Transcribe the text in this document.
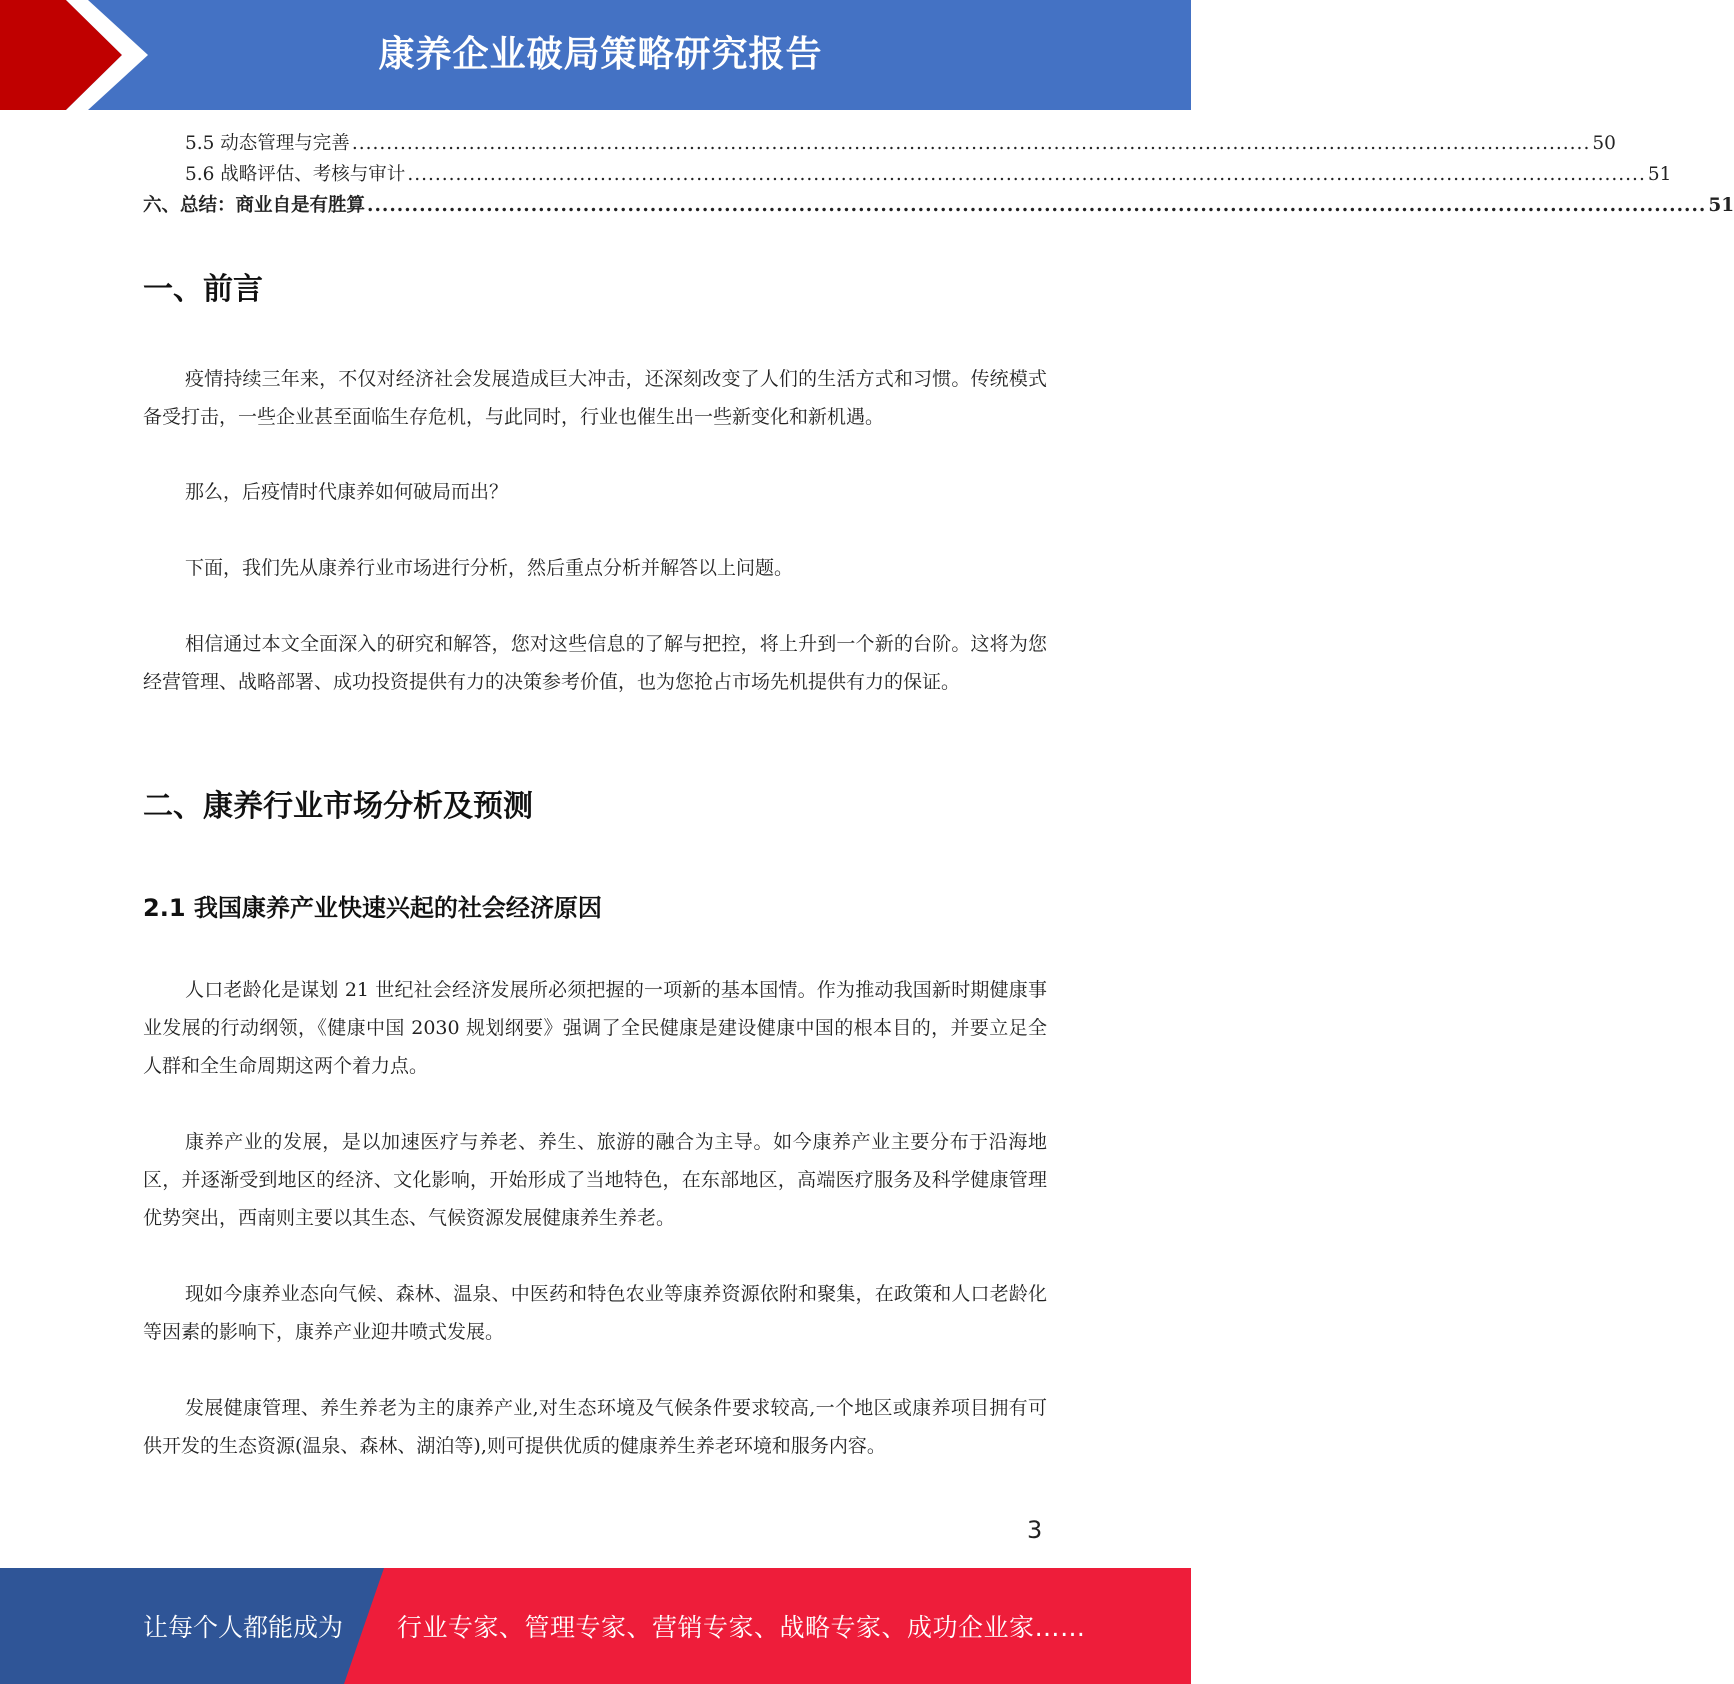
康养企业破局策略研究报告
5.5 动态管理与完善 .................................................................................................................................................................................... 50
5.6 战略评估、考核与审计 .................................................................................................................................................................................... 51
六、总结：商业自是有胜算 .................................................................................................................................................................................... 51
一、前言

疫情持续三年来，不仅对经济社会发展造成巨大冲击，还深刻改变了人们的生活方式和习惯。传统模式备受打击，一些企业甚至面临生存危机，与此同时，行业也催生出一些新变化和新机遇。

那么，后疫情时代康养如何破局而出？

下面，我们先从康养行业市场进行分析，然后重点分析并解答以上问题。

相信通过本文全面深入的研究和解答，您对这些信息的了解与把控，将上升到一个新的台阶。这将为您经营管理、战略部署、成功投资提供有力的决策参考价值，也为您抢占市场先机提供有力的保证。

二、康养行业市场分析及预测
2.1 我国康养产业快速兴起的社会经济原因

人口老龄化是谋划 21 世纪社会经济发展所必须把握的一项新的基本国情。作为推动我国新时期健康事业发展的行动纲领，《健康中国 2030 规划纲要》强调了全民健康是建设健康中国的根本目的，并要立足全人群和全生命周期这两个着力点。

康养产业的发展，是以加速医疗与养老、养生、旅游的融合为主导。如今康养产业主要分布于沿海地区，并逐渐受到地区的经济、文化影响，开始形成了当地特色，在东部地区，高端医疗服务及科学健康管理优势突出，西南则主要以其生态、气候资源发展健康养生养老。

现如今康养业态向气候、森林、温泉、中医药和特色农业等康养资源依附和聚集，在政策和人口老龄化等因素的影响下，康养产业迎井喷式发展。

发展健康管理、养生养老为主的康养产业,对生态环境及气候条件要求较高,一个地区或康养项目拥有可供开发的生态资源(温泉、森林、湖泊等),则可提供优质的健康养生养老环境和服务内容。

3
让每个人都能成为 行业专家、管理专家、营销专家、战略专家、成功企业家……
